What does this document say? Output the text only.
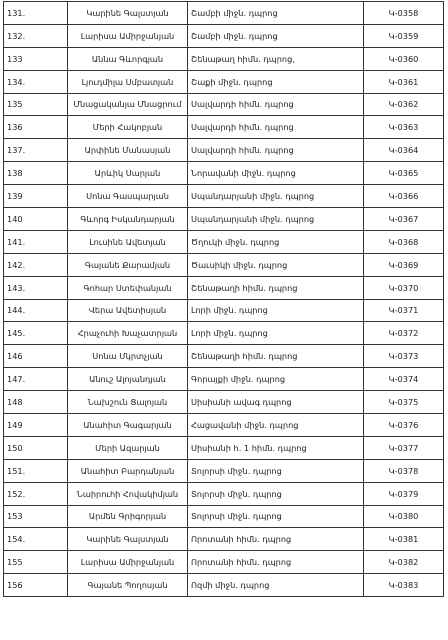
131.	Կարինե Գալստյան	Շամբի միջն. դպրոց	Կ-0358
132.	Լարիսա Ամիրջանյան	Շամբի միջն. դպրոց	Կ-0359
133	Աննա Գևորգյան	Շենաթաղ հիմն. դպրոց,	Կ-0360
134.	Լյուդմիլա Սմբատյան	Շաքի միջն. դպրոց	Կ-0361
135	Մնացականյա Մնացրում	Սալվարդի հիմն. դպրոց	Կ-0362
136	Մերի Հակոբյան	Սալվարդի հիմն. դպրոց	Կ-0363
137.	Արփինե Մանասյան	Սալվարդի հիմն. դպրոց	Կ-0364
138	Արևիկ Սարյան	Նորավանի միջն. դպրոց	Կ-0365
139	Սոնա Գասպարյան	Սպանդարյանի միջն. դպրոց	Կ-0366
140	Գևորգ Իսկանդարյան	Սպանդարյանի միջն. դպրոց	Կ-0367
141.	Լուսինե Ավետյան	Ծղուկի միջն. դպրոց	Կ-0368
142.	Գայանե Քարամյան	Ծաւսիկի միջն. դպրոց	Կ-0369
143.	Գոհար Ստեփանյան	Շենաթաղի հիմն. դպրոց	Կ-0370
144.	Վերա Ավետիսյան	Լորի միջն. դպրոց	Կ-0371
145.	Հրաչուհի Խաչատրյան	Լորի միջն. դպրոց	Կ-0372
146	Սոնա Մկրտչյան	Շենաթաղի հիմն. դպրոց	Կ-0373
147.	Անուշ Ալոյանդյան	Գորայքի միջն. դպրոց	Կ-0374
148	Նախշուն Ցալոյան	Սիսիանի ավագ դպրոց	Կ-0375
149	Անահիտ Գագարյան	Հացավանի միջն. դպրոց	Կ-0376
150	Մերի Ազարյան	Սիսիանի հ. 1 հիմն. դպրոց	Կ-0377
151.	Անահիտ Բարդանյան	Տոլորսի միջն. դպրոց	Կ-0378
152.	Նաիրուհի Հովակիմյան	Տոլորսի միջն. դպրոց	Կ-0379
153	Արմեն Գրիգորյան	Տոլորսի միջն. դպրոց	Կ-0380
154.	Կարինե Գալստյան	Որոտանի հիմն. դպրոց	Կ-0381
155	Լարիսա Ամիրջանյան	Որոտանի հիմն. դպրոց	Կ-0382
156	Գայանե Պողոսյան	Ոզմի միջն. դպրոց	Կ-0383
